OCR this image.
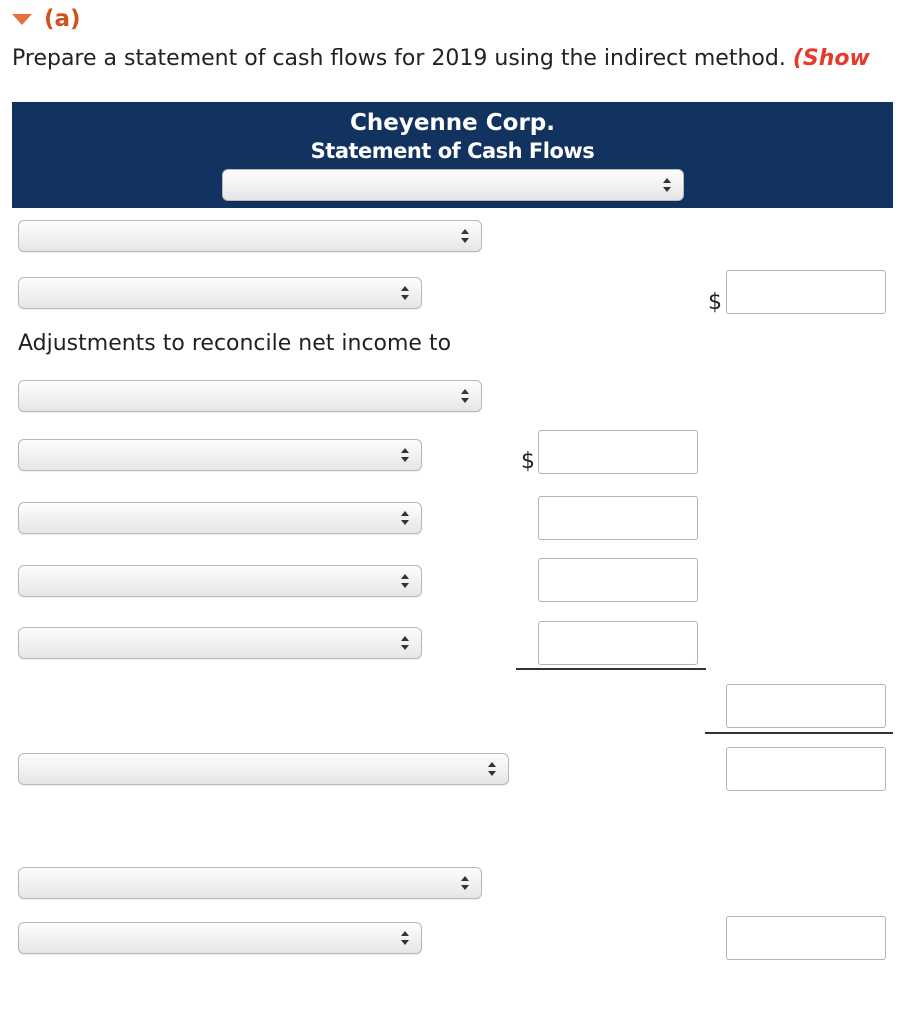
(a)
Prepare a statement of cash flows for 2019 using the indirect method. (Show
Cheyenne Corp.
Statement of Cash Flows
$
Adjustments to reconcile net income to
$
